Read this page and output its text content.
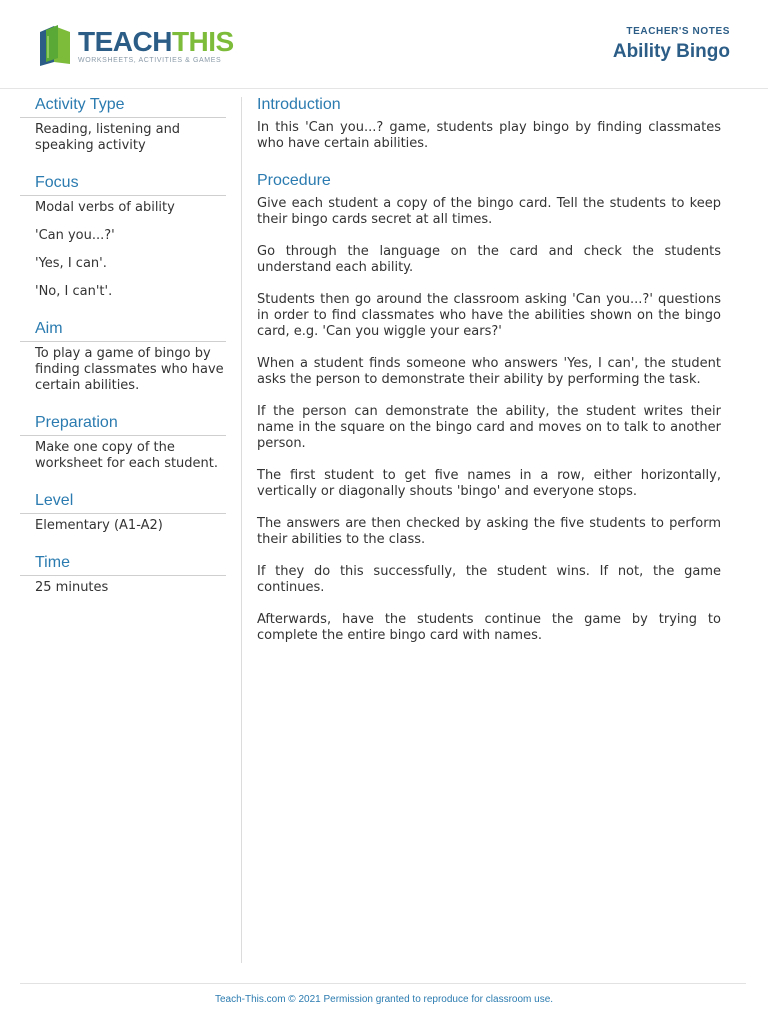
TEACHTHIS
WORKSHEETS, ACTIVITIES & GAMES
TEACHER'S NOTES
Ability Bingo
Activity Type

Reading, listening and speaking activity

Focus

Modal verbs of ability

'Can you...?'

'Yes, I can'.

'No, I can't'.

Aim

To play a game of bingo by finding classmates who have certain abilities.

Preparation

Make one copy of the worksheet for each student.

Level

Elementary (A1-A2)

Time

25 minutes

Introduction

In this 'Can you...? game, students play bingo by finding classmates who have certain abilities.

Procedure

Give each student a copy of the bingo card. Tell the students to keep their bingo cards secret at all times.

Go through the language on the card and check the students understand each ability.

Students then go around the classroom asking 'Can you...?' questions in order to find classmates who have the abilities shown on the bingo card, e.g. 'Can you wiggle your ears?'

When a student finds someone who answers 'Yes, I can', the student asks the person to demonstrate their ability by performing the task.

If the person can demonstrate the ability, the student writes their name in the square on the bingo card and moves on to talk to another person.

The first student to get five names in a row, either horizontally, vertically or diagonally shouts 'bingo' and everyone stops.

The answers are then checked by asking the five students to perform their abilities to the class.

If they do this successfully, the student wins. If not, the game continues.

Afterwards, have the students continue the game by trying to complete the entire bingo card with names.

Teach-This.com © 2021 Permission granted to reproduce for classroom use.
